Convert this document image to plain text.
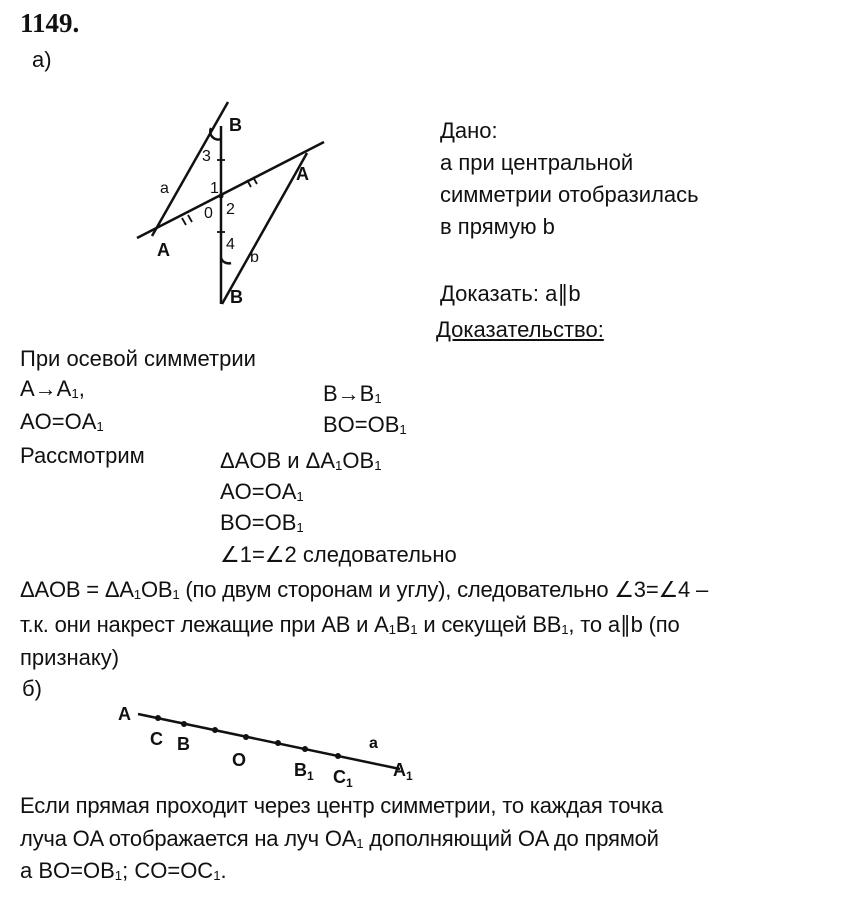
1149.
а)
B
3
a	1
0 2
A
A	4
b
B
Дано:
a при центральной
симметрии отобразилась
в прямую b
Доказать: a∥b
Доказательство:
При осевой симметрии
A→A1,	B→B1
AO=OA1	BO=OB1
Рассмотрим	ΔAOB и ΔA1OB1
AO=OA1
BO=OB1
∠1=∠2 следовательно
ΔAOB = ΔA1OB1 (по двум сторонам и углу), следовательно ∠3=∠4 –
т.к. они накрест лежащие при AB и A1B1 и секущей BB1, то a∥b (по
признаку)
б)
A
C B
O	$B_1$ $C_1$
a
$A_1$
Если прямая проходит через центр симметрии, то каждая точка
луча OA отображается на луч OA1 дополняющий OA до прямой
a BO=OB1; CO=OC1.
